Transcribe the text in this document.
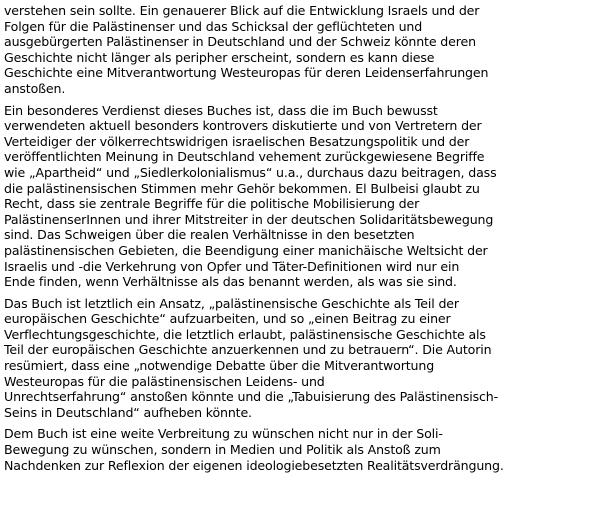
verstehen sein sollte. Ein genauerer Blick auf die Entwicklung Israels und der
Folgen für die Palästinenser und das Schicksal der geflüchteten und
ausgebürgerten Palästinenser in Deutschland und der Schweiz könnte deren
Geschichte nicht länger als peripher erscheint, sondern es kann diese
Geschichte eine Mitverantwortung Westeuropas für deren Leidenserfahrungen
anstoßen.

Ein besonderes Verdienst dieses Buches ist, dass die im Buch bewusst
verwendeten aktuell besonders kontrovers diskutierte und von Vertretern der
Verteidiger der völkerrechtswidrigen israelischen Besatzungspolitik und der
veröffentlichten Meinung in Deutschland vehement zurückgewiesene Begriffe
wie „Apartheid“ und „Siedlerkolonialismus“ u.a., durchaus dazu beitragen, dass
die palästinensischen Stimmen mehr Gehör bekommen. El Bulbeisi glaubt zu
Recht, dass sie zentrale Begriffe für die politische Mobilisierung der
PalästinenserInnen und ihrer Mitstreiter in der deutschen Solidaritätsbewegung
sind. Das Schweigen über die realen Verhältnisse in den besetzten
palästinensischen Gebieten, die Beendigung einer manichäische Weltsicht der
Israelis und -die Verkehrung von Opfer und Täter-Definitionen wird nur ein
Ende finden, wenn Verhältnisse als das benannt werden, als was sie sind.

Das Buch ist letztlich ein Ansatz, „palästinensische Geschichte als Teil der
europäischen Geschichte“ aufzuarbeiten, und so „einen Beitrag zu einer
Verflechtungsgeschichte, die letztlich erlaubt, palästinensische Geschichte als
Teil der europäischen Geschichte anzuerkennen und zu betrauern“. Die Autorin
resümiert, dass eine „notwendige Debatte über die Mitverantwortung
Westeuropas für die palästinensischen Leidens- und
Unrechtserfahrung“ anstoßen könnte und die „Tabuisierung des Palästinensisch-
Seins in Deutschland“ aufheben könnte.

Dem Buch ist eine weite Verbreitung zu wünschen nicht nur in der Soli-
Bewegung zu wünschen, sondern in Medien und Politik als Anstoß zum
Nachdenken zur Reflexion der eigenen ideologiebesetzten Realitätsverdrängung.
